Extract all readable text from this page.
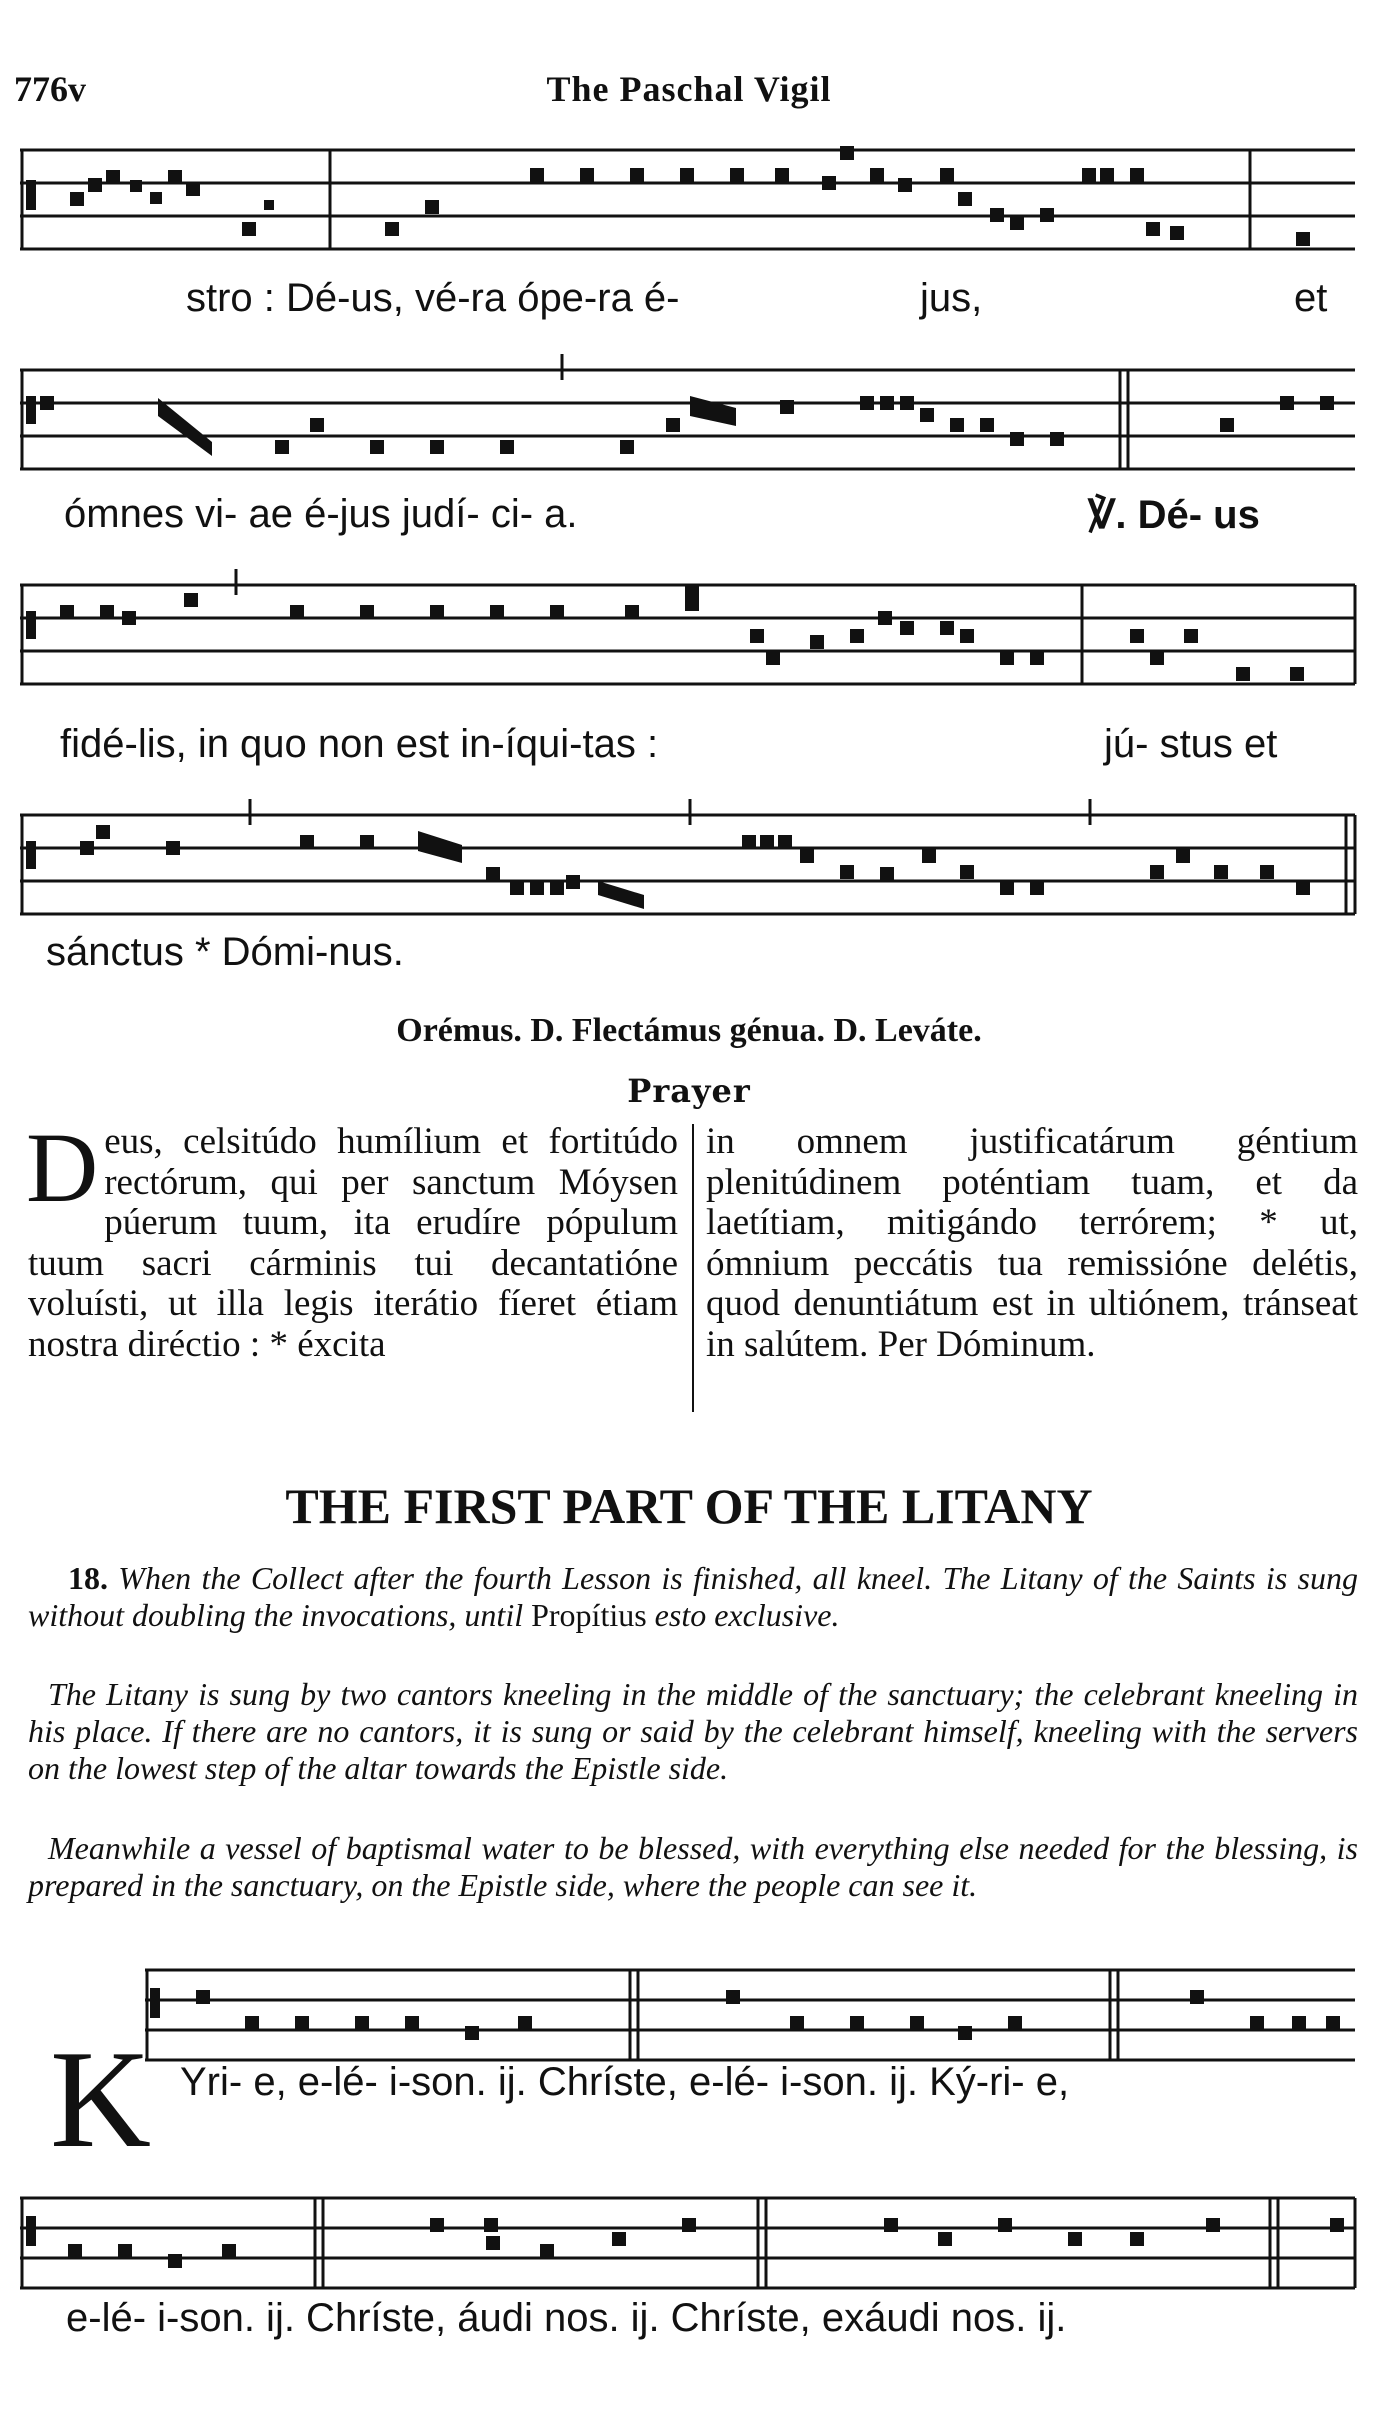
776v	The Paschal Vigil
stro : Dé-us, vé-ra ópe-ra é-	jus,	et
ómnes vi- ae é-jus judí- ci- a.	℣. Dé- us
fidé-lis, in quo non est in-íqui-tas :	jú- stus et
sánctus * Dómi-nus.
Orémus. D. Flectámus génua. D. Leváte.
Prayer
Deus, celsitúdo humílium et fortitúdo rectórum, qui per sanctum Móysen púerum tuum, ita erudíre pópulum tuum sacri cárminis tui decantatióne voluísti, ut illa legis iterátio fíeret étiam nostra diréctio : * éxcita
in omnem justificatárum géntium plenitúdinem poténtiam tuam, et da laetítiam, mitigándo terrórem; * ut, ómnium peccátis tua remissióne delétis, quod denuntiátum est in ultiónem, tránseat in salútem. Per Dóminum.
THE FIRST PART OF THE LITANY
18. When the Collect after the fourth Lesson is finished, all kneel. The Litany of the Saints is sung without doubling the invocations, until Propítius esto exclusive.
The Litany is sung by two cantors kneeling in the middle of the sanctuary; the celebrant kneeling in his place. If there are no cantors, it is sung or said by the celebrant himself, kneeling with the servers on the lowest step of the altar towards the Epistle side.
Meanwhile a vessel of baptismal water to be blessed, with everything else needed for the blessing, is prepared in the sanctuary, on the Epistle side, where the people can see it.
K Yri- e, e-lé- i-son. ij. Chríste, e-lé- i-son. ij. Ký-ri- e,
e-lé- i-son. ij. Chríste, áudi nos. ij. Chríste, exáudi nos. ij.
